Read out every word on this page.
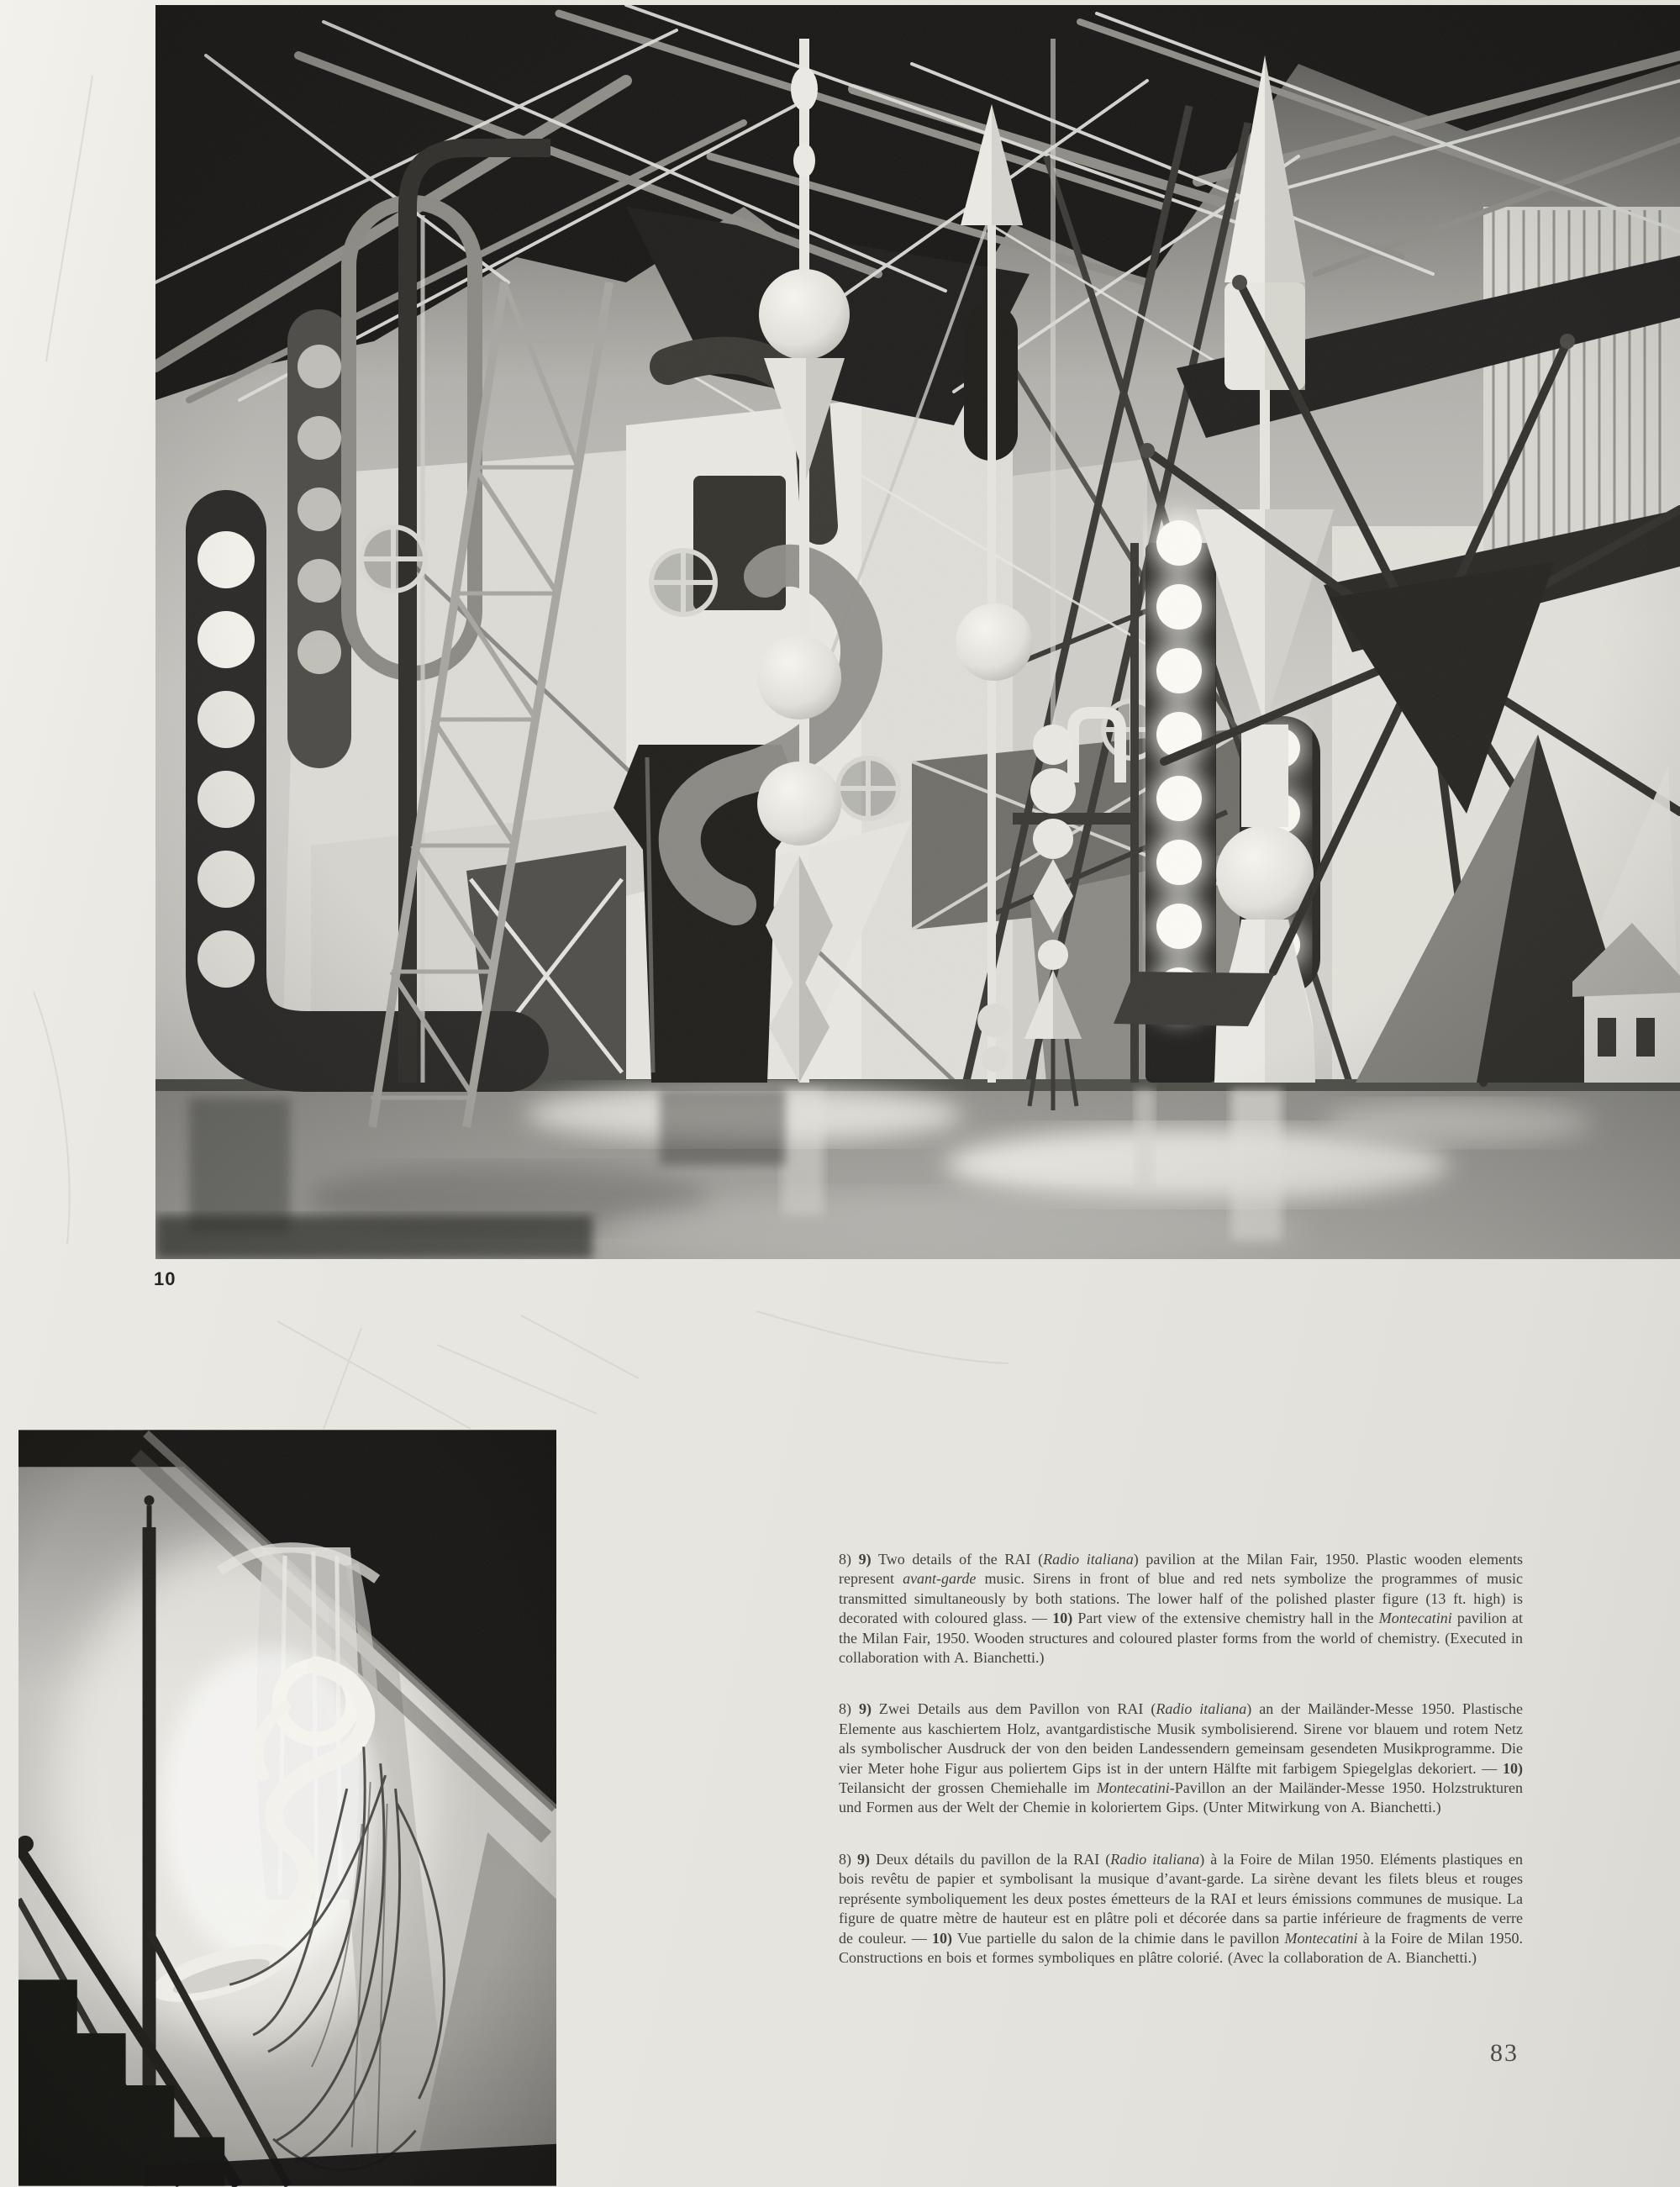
10

8) 9) Two details of the RAI (Radio italiana) pavilion at the Milan Fair, 1950. Plastic wooden elements represent avant-garde music. Sirens in front of blue and red nets symbolize the programmes of music transmitted simultaneously by both stations. The lower half of the polished plaster figure (13 ft. high) is decorated with coloured glass. — 10) Part view of the extensive chemistry hall in the Montecatini pavilion at the Milan Fair, 1950. Wooden structures and coloured plaster forms from the world of chemistry. (Executed in collaboration with A. Bianchetti.)

8) 9) Zwei Details aus dem Pavillon von RAI (Radio italiana) an der Mailänder-Messe 1950. Plastische Elemente aus kaschiertem Holz, avantgardistische Musik symbolisierend. Sirene vor blauem und rotem Netz als symbolischer Ausdruck der von den beiden Landessendern gemeinsam gesendeten Musikprogramme. Die vier Meter hohe Figur aus poliertem Gips ist in der untern Hälfte mit farbigem Spiegelglas dekoriert. — 10) Teilansicht der grossen Chemiehalle im Montecatini-Pavillon an der Mailänder-Messe 1950. Holzstrukturen und Formen aus der Welt der Chemie in koloriertem Gips. (Unter Mitwirkung von A. Bianchetti.)

8) 9) Deux détails du pavillon de la RAI (Radio italiana) à la Foire de Milan 1950. Eléments plastiques en bois revêtu de papier et symbolisant la musique d’avant-garde. La sirène devant les filets bleus et rouges représente symboliquement les deux postes émetteurs de la RAI et leurs émissions communes de musique. La figure de quatre mètre de hauteur est en plâtre poli et décorée dans sa partie inférieure de fragments de verre de couleur. — 10) Vue partielle du salon de la chimie dans le pavillon Montecatini à la Foire de Milan 1950. Constructions en bois et formes symboliques en plâtre colorié. (Avec la collaboration de A. Bianchetti.)

83
